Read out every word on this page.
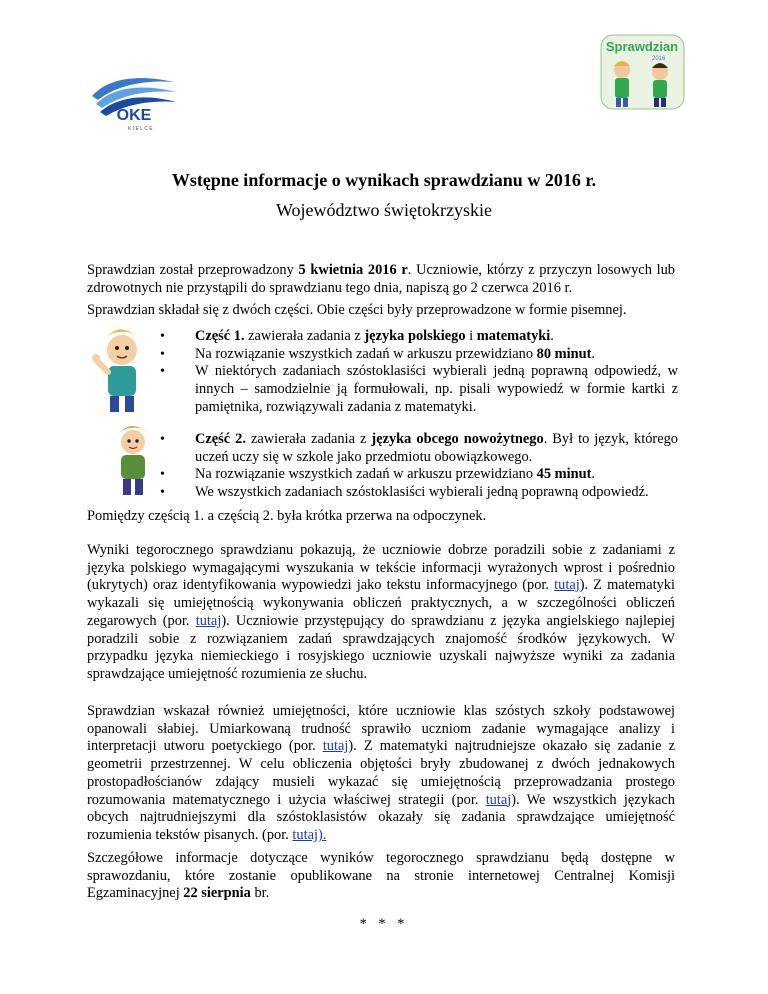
OKE
K I E L C E
Sprawdzian
2016
Wstępne informacje o wynikach sprawdzianu w 2016 r.
Województwo świętokrzyskie

Sprawdzian został przeprowadzony 5 kwietnia 2016 r. Uczniowie, którzy z przyczyn losowych lub zdrowotnych nie przystąpili do sprawdzianu tego dnia, napiszą go 2 czerwca 2016 r.

Sprawdzian składał się z dwóch części. Obie części były przeprowadzone w formie pisemnej.

• Część 1. zawierała zadania z języka polskiego i matematyki.
• Na rozwiązanie wszystkich zadań w arkuszu przewidziano 80 minut.
• W niektórych zadaniach szóstoklasiści wybierali jedną poprawną odpowiedź, w innych – samodzielnie ją formułowali, np. pisali wypowiedź w formie kartki z pamiętnika, rozwiązywali zadania z matematyki.
• Część 2. zawierała zadania z języka obcego nowożytnego. Był to język, którego uczeń uczy się w szkole jako przedmiotu obowiązkowego.
• Na rozwiązanie wszystkich zadań w arkuszu przewidziano 45 minut.
• We wszystkich zadaniach szóstoklasiści wybierali jedną poprawną odpowiedź.

Pomiędzy częścią 1. a częścią 2. była krótka przerwa na odpoczynek.

Wyniki tegorocznego sprawdzianu pokazują, że uczniowie dobrze poradzili sobie z zadaniami z języka polskiego wymagającymi wyszukania w tekście informacji wyrażonych wprost i pośrednio (ukrytych) oraz identyfikowania wypowiedzi jako tekstu informacyjnego (por. tutaj). Z matematyki wykazali się umiejętnością wykonywania obliczeń praktycznych, a w szczególności obliczeń zegarowych (por. tutaj). Uczniowie przystępujący do sprawdzianu z języka angielskiego najlepiej poradzili sobie z rozwiązaniem zadań sprawdzających znajomość środków językowych. W przypadku języka niemieckiego i rosyjskiego uczniowie uzyskali najwyższe wyniki za zadania sprawdzające umiejętność rozumienia ze słuchu.

Sprawdzian wskazał również umiejętności, które uczniowie klas szóstych szkoły podstawowej opanowali słabiej. Umiarkowaną trudność sprawiło uczniom zadanie wymagające analizy i interpretacji utworu poetyckiego (por. tutaj). Z matematyki najtrudniejsze okazało się zadanie z geometrii przestrzennej. W celu obliczenia objętości bryły zbudowanej z dwóch jednakowych prostopadłościanów zdający musieli wykazać się umiejętnością przeprowadzania prostego rozumowania matematycznego i użycia właściwej strategii (por. tutaj). We wszystkich językach obcych najtrudniejszymi dla szóstoklasistów okazały się zadania sprawdzające umiejętność rozumienia tekstów pisanych. (por. tutaj).

Szczegółowe informacje dotyczące wyników tegorocznego sprawdzianu będą dostępne w sprawozdaniu, które zostanie opublikowane na stronie internetowej Centralnej Komisji Egzaminacyjnej 22 sierpnia br.

* * *
